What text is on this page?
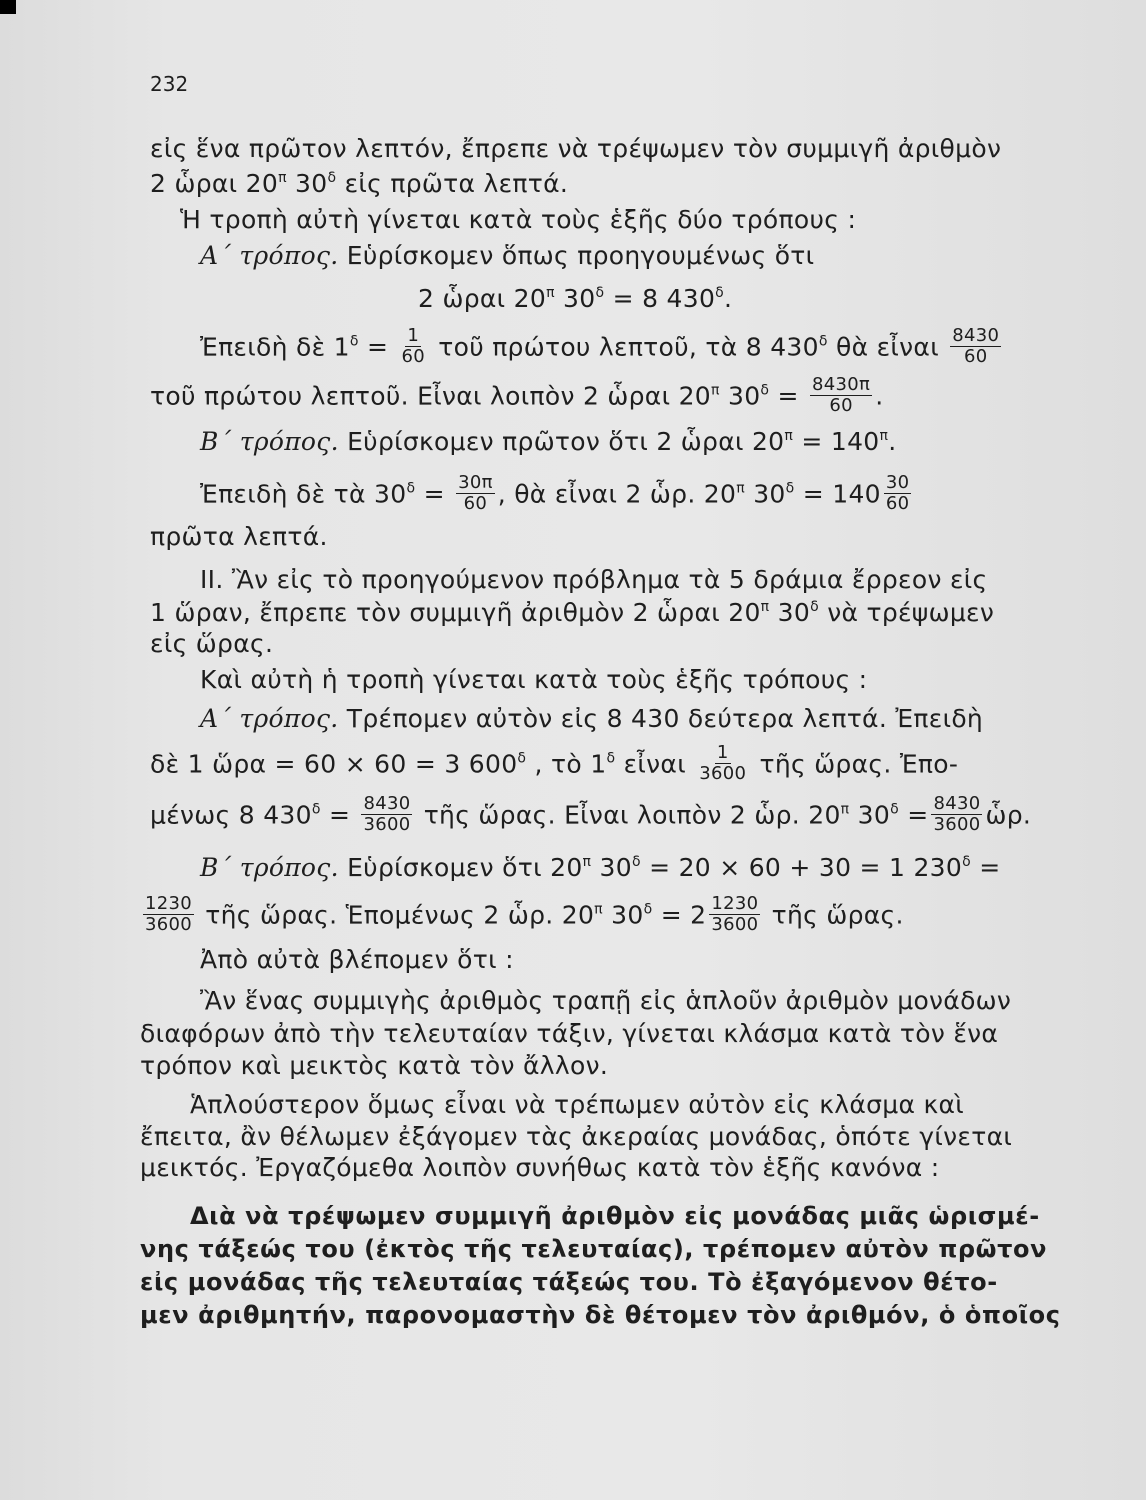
232
εἰς ἕνα πρῶτον λεπτόν, ἔπρεπε νὰ τρέψωμεν τὸν συμμιγῆ ἀριθμὸν
2 ὧραι $20^\pi$ $30^\delta$ εἰς πρῶτα λεπτά.
Ἡ τροπὴ αὐτὴ γίνεται κατὰ τοὺς ἑξῆς δύο τρόπους :
Α΄ τρόπος. Εὑρίσκομεν ὅπως προηγουμένως ὅτι
2 ὧραι $20^\pi$ $30^\delta = 8$ $430^\delta$.
Ἐπειδὴ δὲ $1^\delta = \frac{1}{60}$ τοῦ πρώτου λεπτοῦ, τὰ 8 $430^\delta$ θὰ εἶναι $\frac{8430}{60}$
τοῦ πρώτου λεπτοῦ. Εἶναι λοιπὸν 2 ὧραι $20^\pi$ $30^\delta = \frac{8430\pi}{60}$ .
Β΄ τρόπος. Εὑρίσκομεν πρῶτον ὅτι 2 ὧραι $20^\pi = 140^\pi$.
Ἐπειδὴ δὲ τὰ $30^\delta = \frac{30\pi}{60}$ , θὰ εἶναι 2 ὧρ. $20^\pi$ $30^\delta = 140 \frac{30}{60}$
πρῶτα λεπτά.
II. Ἂν εἰς τὸ προηγούμενον πρόβλημα τὰ 5 δράμια ἔρρεον εἰς
1 ὥραν, ἔπρεπε τὸν συμμιγῆ ἀριθμὸν 2 ὧραι $20^\pi$ $30^\delta$ νὰ τρέψωμεν
εἰς ὥρας.
Καὶ αὐτὴ ἡ τροπὴ γίνεται κατὰ τοὺς ἑξῆς τρόπους :
Α΄ τρόπος. Τρέπομεν αὐτὸν εἰς 8 430 δεύτερα λεπτά. Ἐπειδὴ
δὲ 1 ὥρα = 60 × 60 = 3 $600^\delta$ , τὸ $1^\delta$ εἶναι $\frac{1}{3600}$ τῆς ὥρας. Ἐπο-
μένως 8 $430^\delta = \frac{8430}{3600}$ τῆς ὥρας. Εἶναι λοιπὸν 2 ὧρ. $20^\pi$ $30^\delta = \frac{8430}{3600}$ ὧρ.
Β΄ τρόπος. Εὑρίσκομεν ὅτι $20^\pi$ $30^\delta = 20 \times 60 + 30 = 1$ $230^\delta$ =
$\frac{1230}{3600}$ τῆς ὥρας. Ἑπομένως 2 ὧρ. $20^\pi$ $30^\delta = 2 \frac{1230}{3600}$ τῆς ὥρας.
Ἀπὸ αὐτὰ βλέπομεν ὅτι :
Ἂν ἕνας συμμιγὴς ἀριθμὸς τραπῇ εἰς ἁπλοῦν ἀριθμὸν μονάδων
διαφόρων ἀπὸ τὴν τελευταίαν τάξιν, γίνεται κλάσμα κατὰ τὸν ἕνα
τρόπον καὶ μεικτὸς κατὰ τὸν ἄλλον.
Ἁπλούστερον ὅμως εἶναι νὰ τρέπωμεν αὐτὸν εἰς κλάσμα καὶ
ἔπειτα, ἂν θέλωμεν ἐξάγομεν τὰς ἀκεραίας μονάδας, ὁπότε γίνεται
μεικτός. Ἐργαζόμεθα λοιπὸν συνήθως κατὰ τὸν ἑξῆς κανόνα :
Διὰ νὰ τρέψωμεν συμμιγῆ ἀριθμὸν εἰς μονάδας μιᾶς ὡρισμέ-
νης τάξεώς του (ἐκτὸς τῆς τελευταίας), τρέπομεν αὐτὸν πρῶτον
εἰς μονάδας τῆς τελευταίας τάξεώς του. Τὸ ἐξαγόμενον θέτο-
μεν ἀριθμητήν, παρονομαστὴν δὲ θέτομεν τὸν ἀριθμόν, ὁ ὁποῖος
